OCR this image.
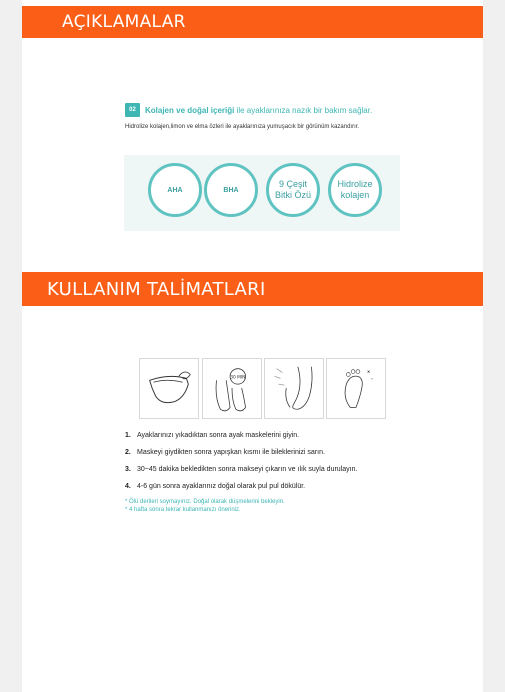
AÇIKLAMALAR
02	Kolajen ve doğal içeriği ile ayaklarınıza nazık bir bakım sağlar.
Hidrolize kolajen,limon ve elma özleri ile ayaklarınıza yumuşacık bir görünüm kazandırır.
AHA	BHA
9 Çeşit
Bitki Özü
Hidrolize
kolajen
KULLANIM TALİMATLARI
30 MIN
1. Ayaklarınızı yıkadıktan sonra ayak maskelerini giyin.
2. Maskeyi giydikten sonra yapışkan kısmı ile bileklerinizi sarın.
3. 30~45 dakika bekledikten sonra makseyi çıkarın ve ılık suyla durulayın.
4. 4-6 gün sonra ayaklarınız doğal olarak pul pul dökülür.
* Ölü derileri soymayınız. Doğal olarak düşmelerini bekleyin.
* 4 hafta sonra tekrar kullanmanızı öneriniz.
